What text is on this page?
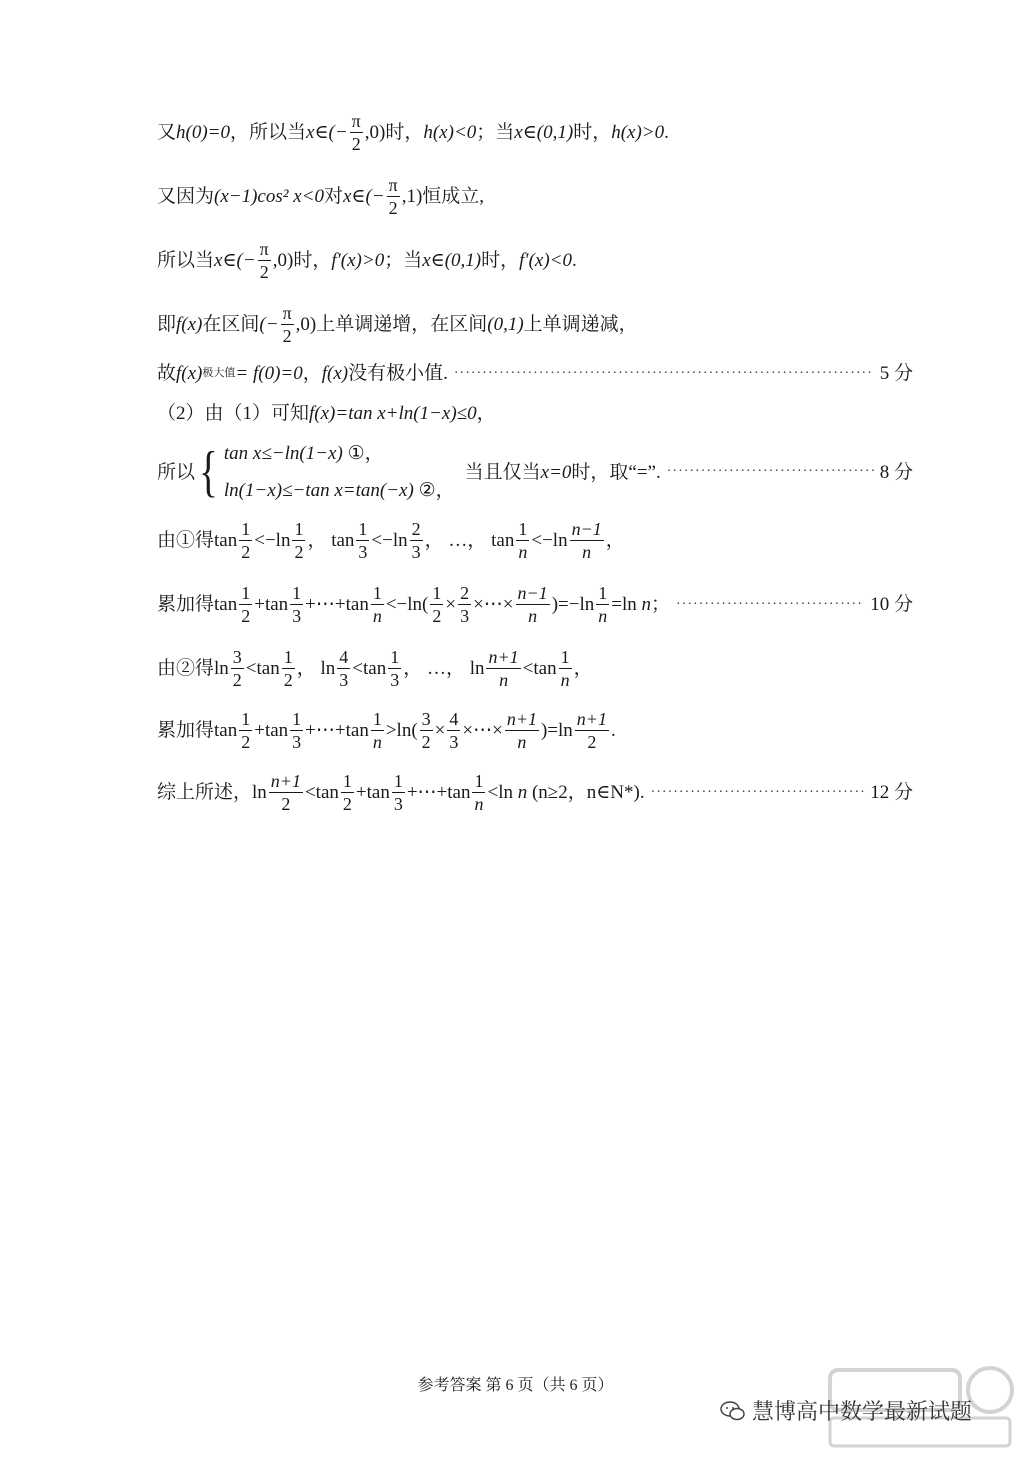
又 h(0)=0 ，所以当 x∈(− $\frac{\pi}{2} ,0$) 时， h(x)<0 ；当 x∈(0,1) 时， h(x)>0 .
又因为 (x−1)cos² x<0 对 x∈(− $\frac{\pi}{2} ,1$) 恒成立,
所以当 x∈(− $\frac{\pi}{2} ,0$) 时， f′(x)>0 ；当 x∈(0,1) 时， f′(x)<0 .
即 f(x) 在区间 (− $\frac{\pi}{2} ,0$) 上单调递增，在区间 (0,1) 上单调递减，
故 f(x) 极大值 = f(0)=0 ， f(x) 没有极小值. ·····	5 分
（2）由（1）可知 f(x)=tan x+ln(1−x)≤0 ，
所以 { tan x≤−ln(1−x) ①，
ln(1−x)≤−tan x=tan(−x) ②，
当且仅当 x=0 时，取“=”. ·····	8 分
由①得 $\tan \frac{1}{2} <-\ln \frac{1}{2}$ ， $\tan \frac{1}{3} <-\ln \frac{2}{3}$ ， …， $\tan \frac{1}{n} <-\ln \frac{n-1}{n}$ ，
累加得 $\tan \frac{1}{2} +\tan \frac{1}{3}$ +⋯+tan $\frac{1}{n} <-\ln( \frac{1}{2} \times \frac{2}{3}$ ×⋯× $\frac{n-1}{n} )=-\ln \frac{1}{n} =\ln$ n； ·····	10 分
由②得 $\ln \frac{3}{2} <\tan \frac{1}{2}$ ， $\ln \frac{4}{3} <\tan \frac{1}{3}$ ， …， $\ln \frac{n+1}{n} <\tan \frac{1}{n}$ ，
累加得 $\tan \frac{1}{2} +\tan \frac{1}{3}$ +⋯+tan $\frac{1}{n} >\ln( \frac{3}{2} \times \frac{4}{3}$ ×⋯× $\frac{n+1}{n} )=\ln \frac{n+1}{2}$ .
综上所述， $\ln \frac{n+1}{2} <\tan \frac{1}{2} +\tan \frac{1}{3}$ +⋯+tan $\frac{1}{n} <\ln$ n (n≥2，n∈N*) . ·····	12 分
参考答案 第 6 页（共 6 页）
慧博高中数学最新试题
